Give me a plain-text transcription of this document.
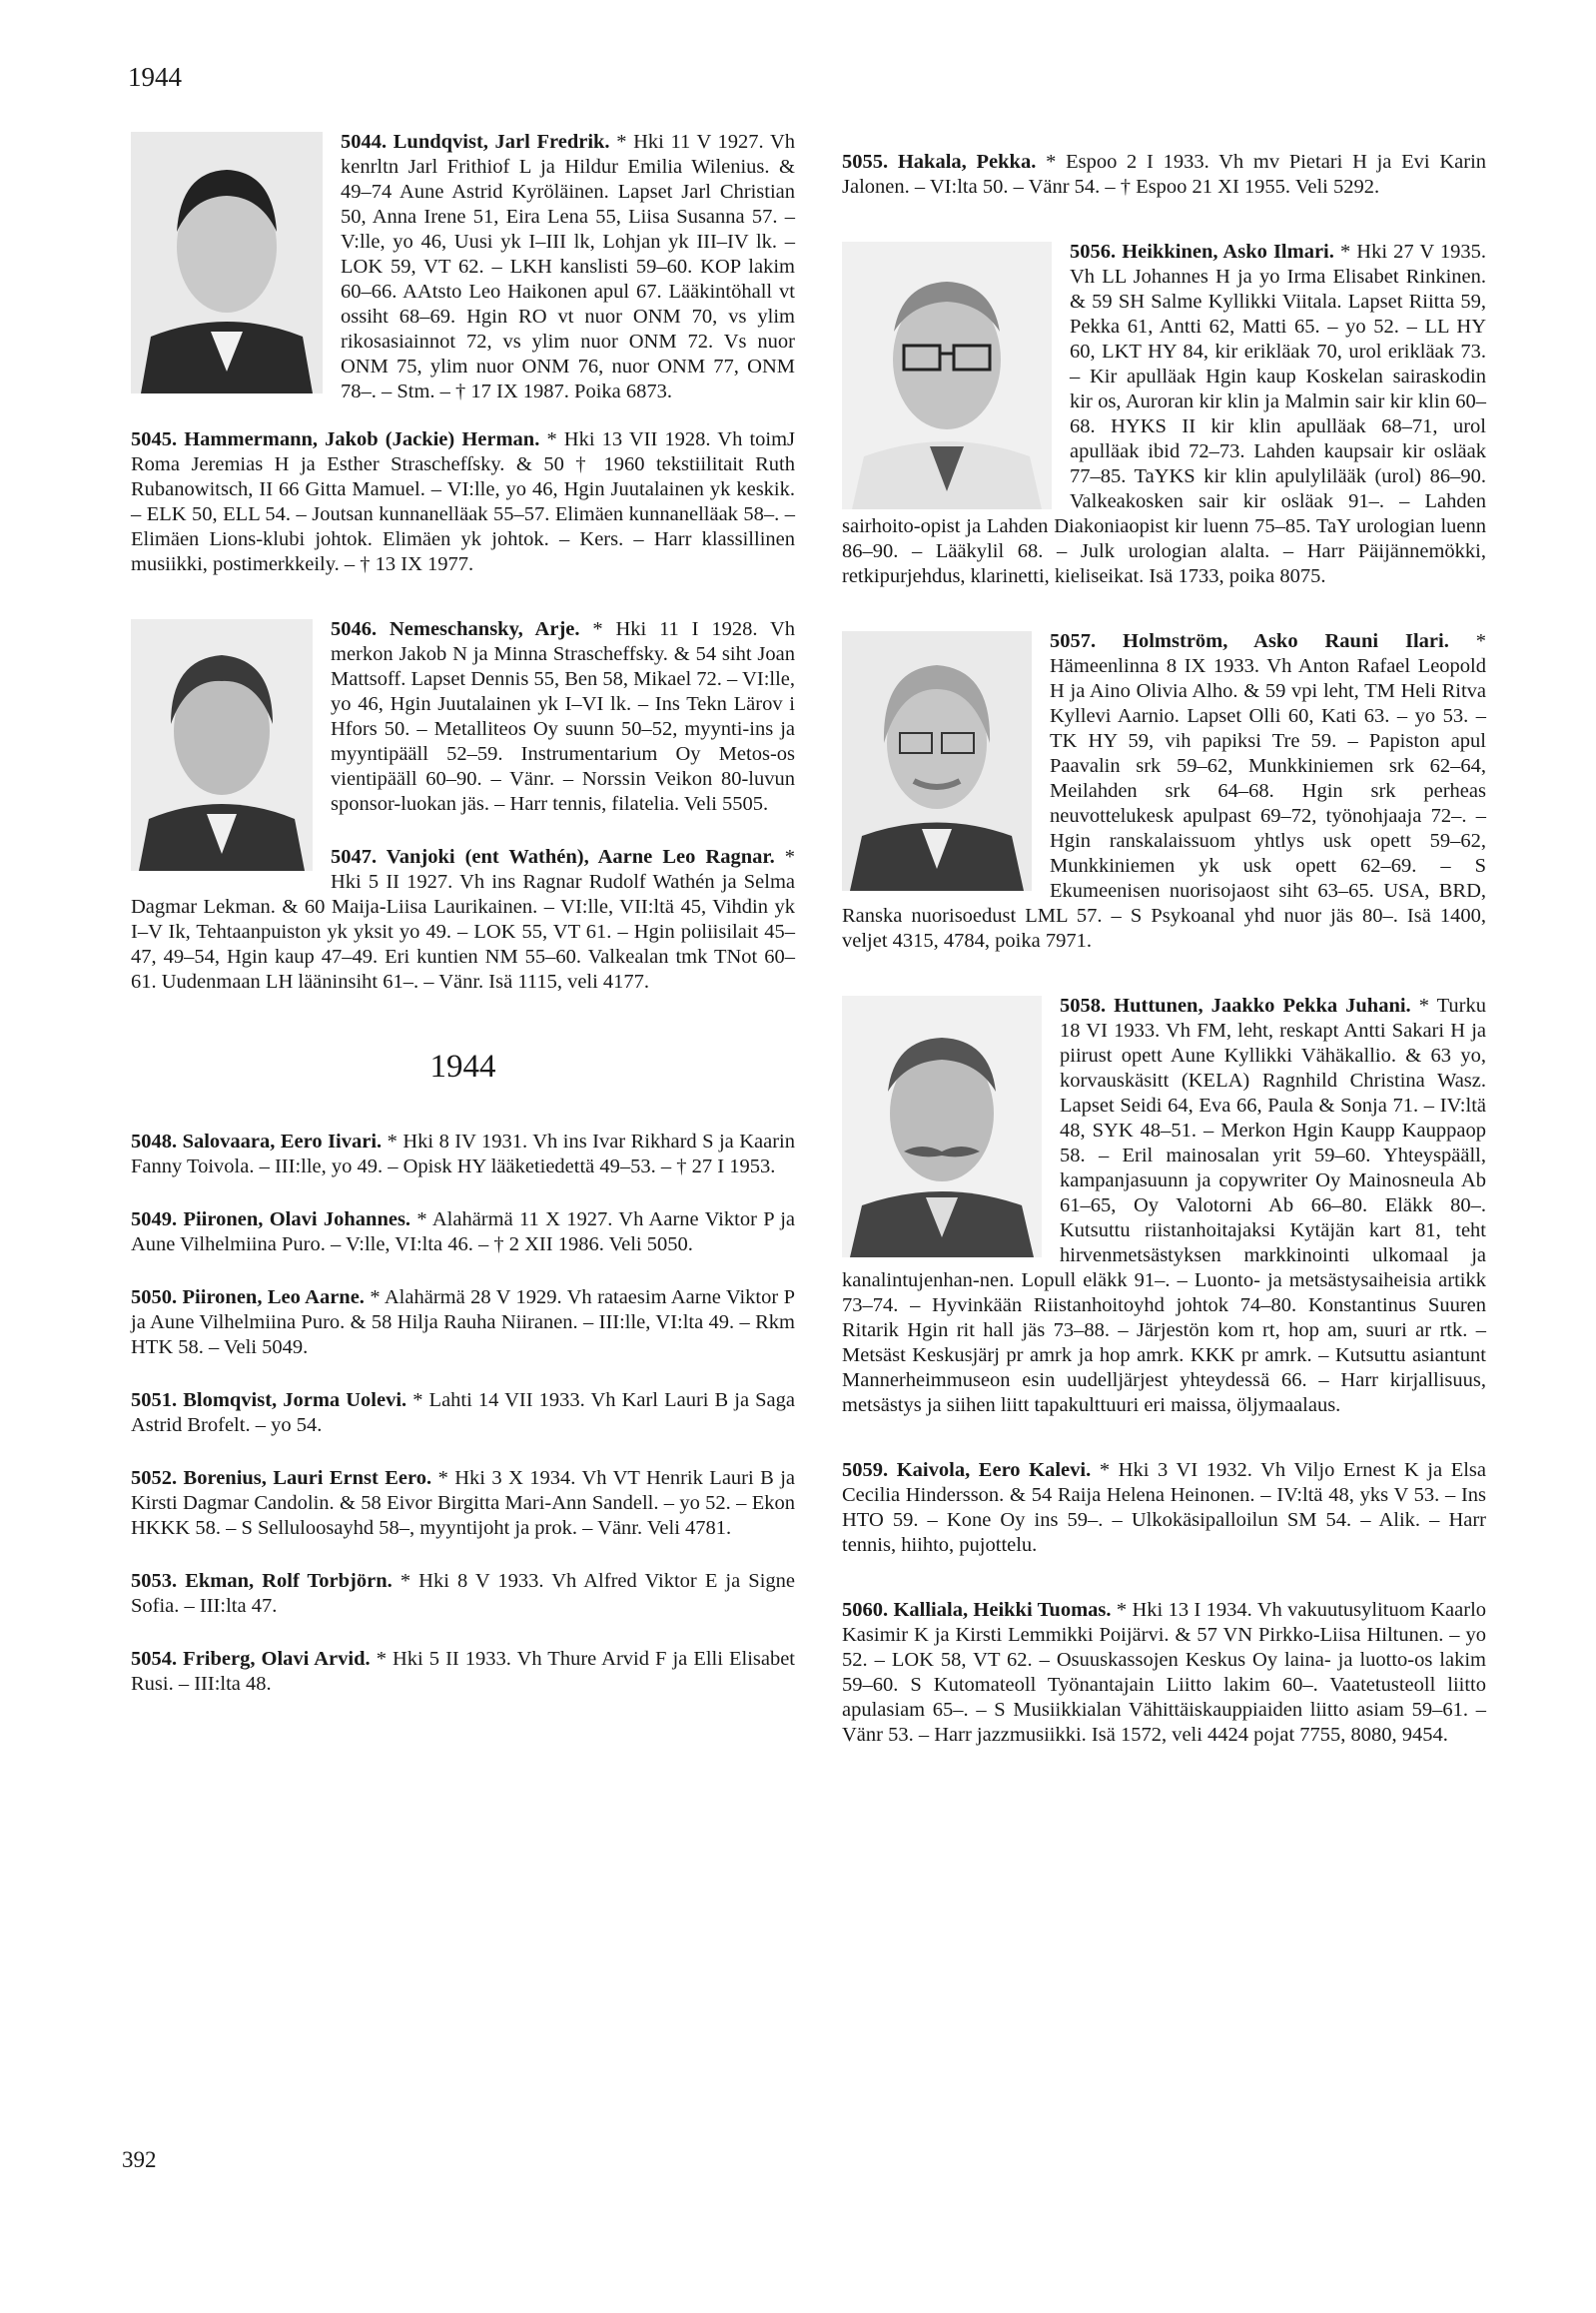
1944

5044. Lundqvist, Jarl Fredrik. * Hki 11 V 1927. Vh kenrltn Jarl Frithiof L ja Hildur Emilia Wilenius. & 49–74 Aune Astrid Kyröläinen. Lapset Jarl Christian 50, Anna Irene 51, Eira Lena 55, Liisa Susanna 57. – V:lle, yo 46, Uusi yk I–III lk, Lohjan yk III–IV lk. – LOK 59, VT 62. – LKH kanslisti 59–60. KOP lakim 60–66. AAtsto Leo Haikonen apul 67. Lääkintöhall vt ossiht 68–69. Hgin RO vt nuor ONM 70, vs ylim rikosasiainnot 72, vs ylim nuor ONM 72. Vs nuor ONM 75, ylim nuor ONM 76, nuor ONM 77, ONM 78–. – Stm. – † 17 IX 1987. Poika 6873.

5045. Hammermann, Jakob (Jackie) Herman. * Hki 13 VII 1928. Vh toimJ Roma Jeremias H ja Esther Straschefſsky. & 50 † 1960 tekstiilitait Ruth Rubanowitsch, II 66 Gitta Mamuel. – VI:lle, yo 46, Hgin Juutalainen yk keskik. – ELK 50, ELL 54. – Joutsan kunnanelläak 55–57. Elimäen kunnanelläak 58–. – Elimäen Lions-klubi johtok. Elimäen yk johtok. – Kers. – Harr klassillinen musiikki, postimerkkeily. – † 13 IX 1977.

5046. Nemeschansky, Arje. * Hki 11 I 1928. Vh merkon Jakob N ja Minna Strascheffsky. & 54 siht Joan Mattsoff. Lapset Dennis 55, Ben 58, Mikael 72. – VI:lle, yo 46, Hgin Juutalainen yk I–VI lk. – Ins Tekn Lärov i Hfors 50. – Metalliteos Oy suunn 50–52, myynti-ins ja myyntipääll 52–59. Instrumentarium Oy Metos-os vientipääll 60–90. – Vänr. – Norssin Veikon 80-luvun sponsor-luokan jäs. – Harr tennis, filatelia. Veli 5505.

5047. Vanjoki (ent Wathén), Aarne Leo Ragnar. * Hki 5 II 1927. Vh ins Ragnar Rudolf Wathén ja Selma Dagmar Lekman. & 60 Maija-Liisa Laurikainen. – VI:lle, VII:ltä 45, Vihdin yk I–V Ik, Tehtaanpuiston yk yksit yo 49. – LOK 55, VT 61. – Hgin poliisilait 45–47, 49–54, Hgin kaup 47–49. Eri kuntien NM 55–60. Valkealan tmk TNot 60–61. Uudenmaan LH lääninsiht 61–. – Vänr. Isä 1115, veli 4177.

1944

5048. Salovaara, Eero Iivari. * Hki 8 IV 1931. Vh ins Ivar Rikhard S ja Kaarin Fanny Toivola. – III:lle, yo 49. – Opisk HY lääketiedettä 49–53. – † 27 I 1953.

5049. Piironen, Olavi Johannes. * Alahärmä 11 X 1927. Vh Aarne Viktor P ja Aune Vilhelmiina Puro. – V:lle, VI:lta 46. – † 2 XII 1986. Veli 5050.

5050. Piironen, Leo Aarne. * Alahärmä 28 V 1929. Vh rataesim Aarne Viktor P ja Aune Vilhelmiina Puro. & 58 Hilja Rauha Niiranen. – III:lle, VI:lta 49. – Rkm HTK 58. – Veli 5049.

5051. Blomqvist, Jorma Uolevi. * Lahti 14 VII 1933. Vh Karl Lauri B ja Saga Astrid Brofelt. – yo 54.

5052. Borenius, Lauri Ernst Eero. * Hki 3 X 1934. Vh VT Henrik Lauri B ja Kirsti Dagmar Candolin. & 58 Eivor Birgitta Mari-Ann Sandell. – yo 52. – Ekon HKKK 58. – S Selluloosayhd 58–, myyntijoht ja prok. – Vänr. Veli 4781.

5053. Ekman, Rolf Torbjörn. * Hki 8 V 1933. Vh Alfred Viktor E ja Signe Sofia. – III:lta 47.

5054. Friberg, Olavi Arvid. * Hki 5 II 1933. Vh Thure Arvid F ja Elli Elisabet Rusi. – III:lta 48.

5055. Hakala, Pekka. * Espoo 2 I 1933. Vh mv Pietari H ja Evi Karin Jalonen. – VI:lta 50. – Vänr 54. – † Espoo 21 XI 1955. Veli 5292.

5056. Heikkinen, Asko Ilmari. * Hki 27 V 1935. Vh LL Johannes H ja yo Irma Elisabet Rinkinen. & 59 SH Salme Kyllikki Viitala. Lapset Riitta 59, Pekka 61, Antti 62, Matti 65. – yo 52. – LL HY 60, LKT HY 84, kir erikläak 70, urol erikläak 73. – Kir apulläak Hgin kaup Koskelan sairaskodin kir os, Auroran kir klin ja Malmin sair kir klin 60–68. HYKS II kir klin apulläak 68–71, urol apulläak ibid 72–73. Lahden kaupsair kir osläak 77–85. TaYKS kir klin apulylilääk (urol) 86–90. Valkeakosken sair kir osläak 91–. – Lahden sairhoito-opist ja Lahden Diakoniaopist kir luenn 75–85. TaY urologian luenn 86–90. – Lääkylil 68. – Julk urologian alalta. – Harr Päijännemökki, retkipurjehdus, klarinetti, kieliseikat. Isä 1733, poika 8075.

5057. Holmström, Asko Rauni Ilari. * Hämeenlinna 8 IX 1933. Vh Anton Rafael Leopold H ja Aino Olivia Alho. & 59 vpi leht, TM Heli Ritva Kyllevi Aarnio. Lapset Olli 60, Kati 63. – yo 53. – TK HY 59, vih papiksi Tre 59. – Papiston apul Paavalin srk 59–62, Munkkiniemen srk 62–64, Meilahden srk 64–68. Hgin srk perheas neuvottelukesk apulpast 69–72, työnohjaaja 72–. – Hgin ranskalaissuom yhtlys usk opett 59–62, Munkkiniemen yk usk opett 62–69. – S Ekumeenisen nuorisojaost siht 63–65. USA, BRD, Ranska nuorisoedust LML 57. – S Psykoanal yhd nuor jäs 80–. Isä 1400, veljet 4315, 4784, poika 7971.

5058. Huttunen, Jaakko Pekka Juhani. * Turku 18 VI 1933. Vh FM, leht, reskapt Antti Sakari H ja piirust opett Aune Kyllikki Vähäkallio. & 63 yo, korvauskäsitt (KELA) Ragnhild Christina Wasz. Lapset Seidi 64, Eva 66, Paula & Sonja 71. – IV:ltä 48, SYK 48–51. – Merkon Hgin Kaupp Kauppaop 58. – Eril mainosalan yrit 59–60. Yhteyspääll, kampanjasuunn ja copywriter Oy Mainosneula Ab 61–65, Oy Valotorni Ab 66–80. Eläkk 80–. Kutsuttu riistanhoitajaksi Kytäjän kart 81, teht hirvenmetsästyksen markkinointi ulkomaal ja kanalintujenhan-nen. Lopull eläkk 91–. – Luonto- ja metsästysaiheisia artikk 73–74. – Hyvinkään Riistanhoitoyhd johtok 74–80. Konstantinus Suuren Ritarik Hgin rit hall jäs 73–88. – Järjestön kom rt, hop am, suuri ar rtk. – Metsäst Keskusjärj pr amrk ja hop amrk. KKK pr amrk. – Kutsuttu asiantunt Mannerheimmuseon esin uudelljärjest yhteydessä 66. – Harr kirjallisuus, metsästys ja siihen liitt tapakulttuuri eri maissa, öljymaalaus.

5059. Kaivola, Eero Kalevi. * Hki 3 VI 1932. Vh Viljo Ernest K ja Elsa Cecilia Hindersson. & 54 Raija Helena Heinonen. – IV:ltä 48, yks V 53. – Ins HTO 59. – Kone Oy ins 59–. – Ulkokäsipalloilun SM 54. – Alik. – Harr tennis, hiihto, pujottelu.

5060. Kalliala, Heikki Tuomas. * Hki 13 I 1934. Vh vakuutusylituom Kaarlo Kasimir K ja Kirsti Lemmikki Poijärvi. & 57 VN Pirkko-Liisa Hiltunen. – yo 52. – LOK 58, VT 62. – Osuuskassojen Keskus Oy laina- ja luotto-os lakim 59–60. S Kutomateoll Työnantajain Liitto lakim 60–. Vaatetusteoll liitto apulasiam 65–. – S Musiikkialan Vähittäiskauppiaiden liitto asiam 59–61. – Vänr 53. – Harr jazzmusiikki. Isä 1572, veli 4424 pojat 7755, 8080, 9454.

392
